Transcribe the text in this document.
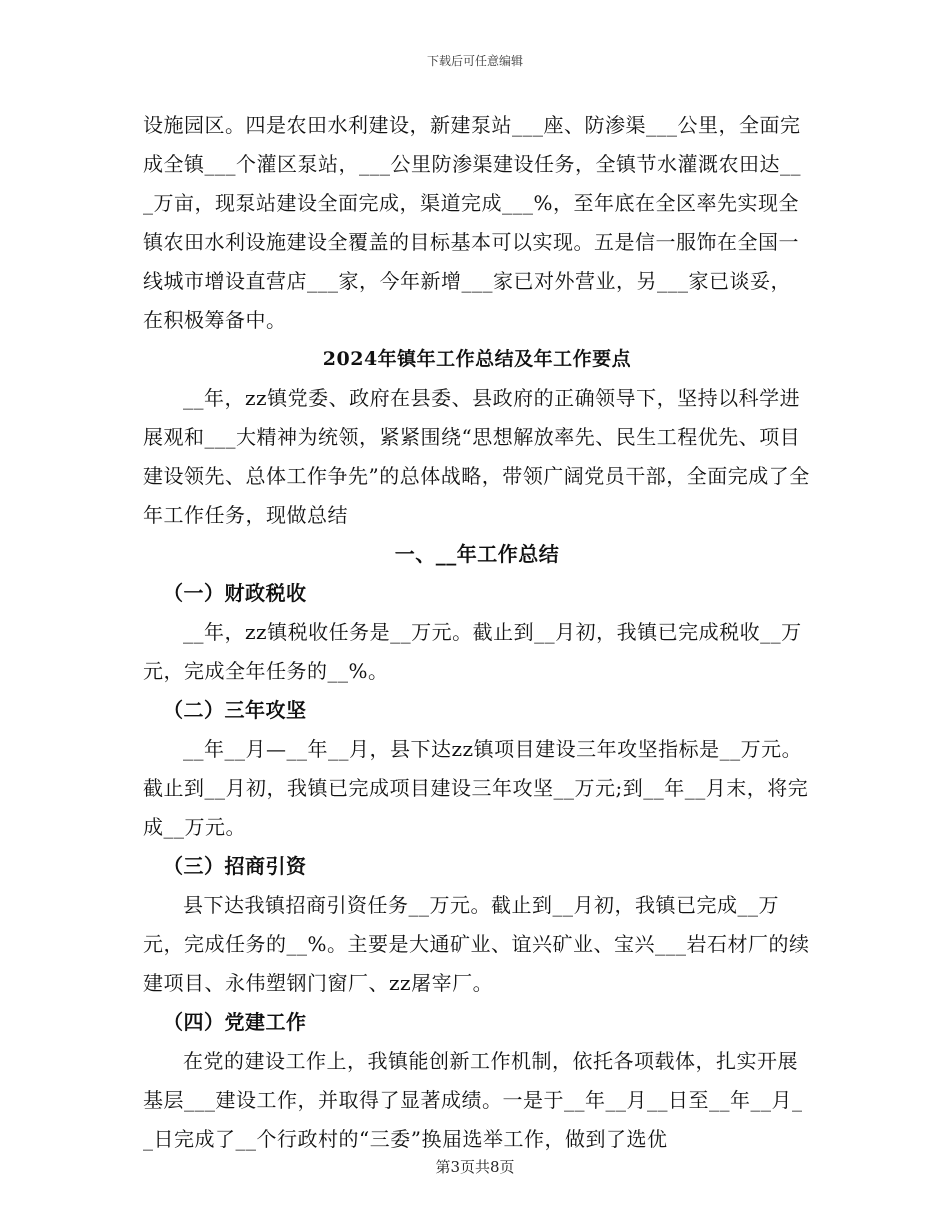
下载后可任意编辑

设施园区。四是农田水利建设，新建泵站___座、防渗渠___公里，全面完成全镇___个灌区泵站，___公里防渗渠建设任务，全镇节水灌溉农田达___万亩，现泵站建设全面完成，渠道完成___%，至年底在全区率先实现全镇农田水利设施建设全覆盖的目标基本可以实现。五是信一服饰在全国一线城市增设直营店___家，今年新增___家已对外营业，另___家已谈妥，在积极筹备中。

2024年镇年工作总结及年工作要点

__年，zz镇党委、政府在县委、县政府的正确领导下，坚持以科学进展观和___大精神为统领，紧紧围绕“思想解放率先、民生工程优先、项目建设领先、总体工作争先”的总体战略，带领广阔党员干部，全面完成了全年工作任务，现做总结

一、__年工作总结

（一）财政税收

__年，zz镇税收任务是__万元。截止到__月初，我镇已完成税收__万元，完成全年任务的__%。

（二）三年攻坚

__年__月—__年__月，县下达zz镇项目建设三年攻坚指标是__万元。截止到__月初，我镇已完成项目建设三年攻坚__万元;到__年__月末，将完成__万元。

（三）招商引资

县下达我镇招商引资任务__万元。截止到__月初，我镇已完成__万元，完成任务的__%。主要是大通矿业、谊兴矿业、宝兴___岩石材厂的续建项目、永伟塑钢门窗厂、zz屠宰厂。

（四）党建工作

在党的建设工作上，我镇能创新工作机制，依托各项载体，扎实开展基层___建设工作，并取得了显著成绩。一是于__年__月__日至__年__月__日完成了__个行政村的“三委”换届选举工作，做到了选优

第3页共8页
